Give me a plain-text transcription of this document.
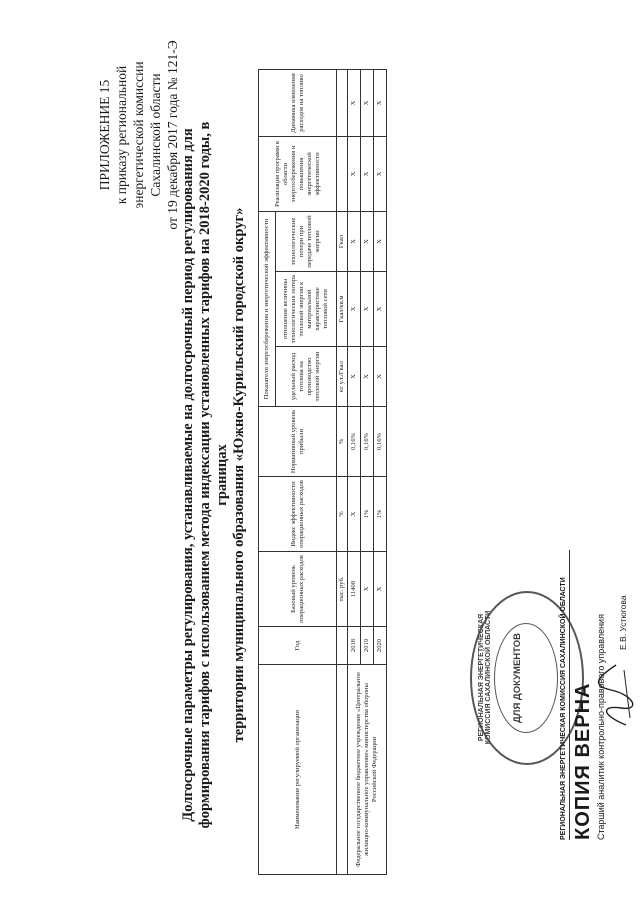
ПРИЛОЖЕНИЕ 15 к приказу региональной энергетической комиссии Сахалинской области от 19 декабря 2017 года № 121-Э Долгосрочные параметры регулирования, устанавливаемые на долгосрочный период регулирования для формирования тарифов с использованием метода индексации установленных тарифов на 2018-2020 годы, в границах территории муниципального образования «Южно-Курильский городской округ»
Наименование регулируемой организации	Год	Базовый уровень операционных расходов	Индекс эффективности операционных расходов	Нормативный уровень прибыли	Показатели энергосбережения и энергетической эффективности			Реализация программ в области энергосбережения и повышения энергетической эффективности	Динамика изменения расходов на топливо
					удельный расход топлива на производство тепловой энергии	отношение величины технологических потерь тепловой энергии к материальной характеристике тепловой сети	технологические потери при передаче тепловой энергии		
		тыс. руб.	%	%	кг у.т./Гкал	Гкал/кв.м	Гкал		
Федеральное государственное бюджетное учреждение «Центральное жилищно-коммунальное управление» министерства обороны Российской Федерации	2018	11408	X	0,16%	X	X	X	X	X
	2019	X	1%	0,16%	X	X	X	X	X
	2020	X	1%	0,16%	X	X	X	X	X
РЕГИОНАЛЬНАЯ ЭНЕРГЕТИЧЕСКАЯ КОМИССИЯ САХАЛИНСКОЙ ОБЛАСТИ ДЛЯ ДОКУМЕНТОВ	РЕГИОНАЛЬНАЯ ЭНЕРГЕТИЧЕСКАЯ КОМИССИЯ САХАЛИНСКОЙ ОБЛАСТИ КОПИЯ ВЕРНА Старший аналитик контрольно-правового управления Е.В. Устюгова
